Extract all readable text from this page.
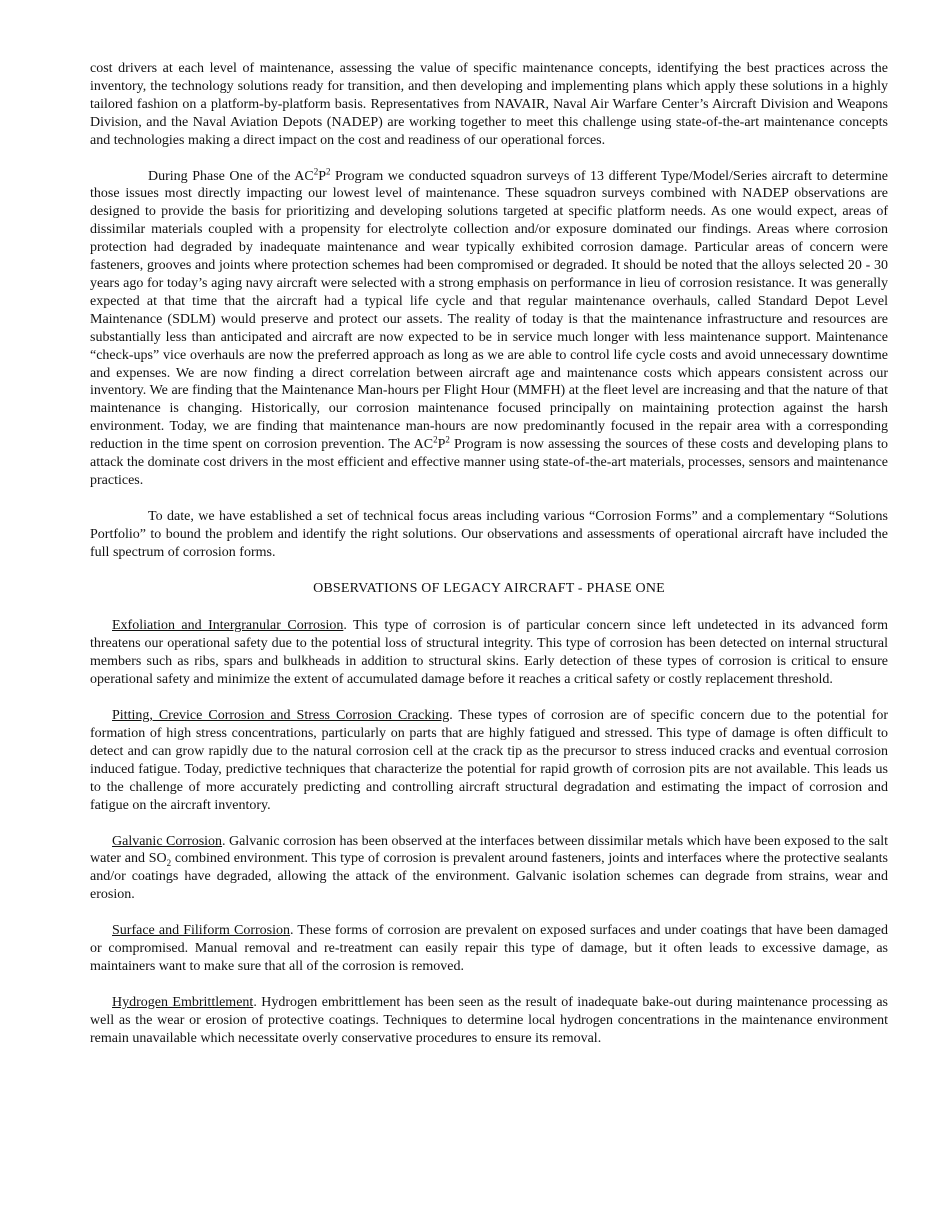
cost drivers at each level of maintenance, assessing the value of specific maintenance concepts, identifying the best practices across the inventory, the technology solutions ready for transition, and then developing and implementing plans which apply these solutions in a highly tailored fashion on a platform-by-platform basis. Representatives from NAVAIR, Naval Air Warfare Center’s Aircraft Division and Weapons Division, and the Naval Aviation Depots (NADEP) are working together to meet this challenge using state-of-the-art maintenance concepts and technologies making a direct impact on the cost and readiness of our operational forces.

During Phase One of the $AC^2P^2$ Program we conducted squadron surveys of 13 different Type/Model/Series aircraft to determine those issues most directly impacting our lowest level of maintenance. These squadron surveys combined with NADEP observations are designed to provide the basis for prioritizing and developing solutions targeted at specific platform needs. As one would expect, areas of dissimilar materials coupled with a propensity for electrolyte collection and/or exposure dominated our findings. Areas where corrosion protection had degraded by inadequate maintenance and wear typically exhibited corrosion damage. Particular areas of concern were fasteners, grooves and joints where protection schemes had been compromised or degraded. It should be noted that the alloys selected 20 - 30 years ago for today’s aging navy aircraft were selected with a strong emphasis on performance in lieu of corrosion resistance. It was generally expected at that time that the aircraft had a typical life cycle and that regular maintenance overhauls, called Standard Depot Level Maintenance (SDLM) would preserve and protect our assets. The reality of today is that the maintenance infrastructure and resources are substantially less than anticipated and aircraft are now expected to be in service much longer with less maintenance support. Maintenance “check-ups” vice overhauls are now the preferred approach as long as we are able to control life cycle costs and avoid unnecessary downtime and expenses. We are now finding a direct correlation between aircraft age and maintenance costs which appears consistent across our inventory. We are finding that the Maintenance Man-hours per Flight Hour (MMFH) at the fleet level are increasing and that the nature of that maintenance is changing. Historically, our corrosion maintenance focused principally on maintaining protection against the harsh environment. Today, we are finding that maintenance man-hours are now predominantly focused in the repair area with a corresponding reduction in the time spent on corrosion prevention. The $AC^2P^2$ Program is now assessing the sources of these costs and developing plans to attack the dominate cost drivers in the most efficient and effective manner using state-of-the-art materials, processes, sensors and maintenance practices.

To date, we have established a set of technical focus areas including various “Corrosion Forms” and a complementary “Solutions Portfolio” to bound the problem and identify the right solutions. Our observations and assessments of operational aircraft have included the full spectrum of corrosion forms.

OBSERVATIONS OF LEGACY AIRCRAFT - PHASE ONE

Exfoliation and Intergranular Corrosion. This type of corrosion is of particular concern since left undetected in its advanced form threatens our operational safety due to the potential loss of structural integrity. This type of corrosion has been detected on internal structural members such as ribs, spars and bulkheads in addition to structural skins. Early detection of these types of corrosion is critical to ensure operational safety and minimize the extent of accumulated damage before it reaches a critical safety or costly replacement threshold.

Pitting, Crevice Corrosion and Stress Corrosion Cracking. These types of corrosion are of specific concern due to the potential for formation of high stress concentrations, particularly on parts that are highly fatigued and stressed. This type of damage is often difficult to detect and can grow rapidly due to the natural corrosion cell at the crack tip as the precursor to stress induced cracks and eventual corrosion induced fatigue. Today, predictive techniques that characterize the potential for rapid growth of corrosion pits are not available. This leads us to the challenge of more accurately predicting and controlling aircraft structural degradation and estimating the impact of corrosion and fatigue on the aircraft inventory.

Galvanic Corrosion. Galvanic corrosion has been observed at the interfaces between dissimilar metals which have been exposed to the salt water and $SO_2$ combined environment. This type of corrosion is prevalent around fasteners, joints and interfaces where the protective sealants and/or coatings have degraded, allowing the attack of the environment. Galvanic isolation schemes can degrade from strains, wear and erosion.

Surface and Filiform Corrosion. These forms of corrosion are prevalent on exposed surfaces and under coatings that have been damaged or compromised. Manual removal and re-treatment can easily repair this type of damage, but it often leads to excessive damage, as maintainers want to make sure that all of the corrosion is removed.

Hydrogen Embrittlement. Hydrogen embrittlement has been seen as the result of inadequate bake-out during maintenance processing as well as the wear or erosion of protective coatings. Techniques to determine local hydrogen concentrations in the maintenance environment remain unavailable which necessitate overly conservative procedures to ensure its removal.
